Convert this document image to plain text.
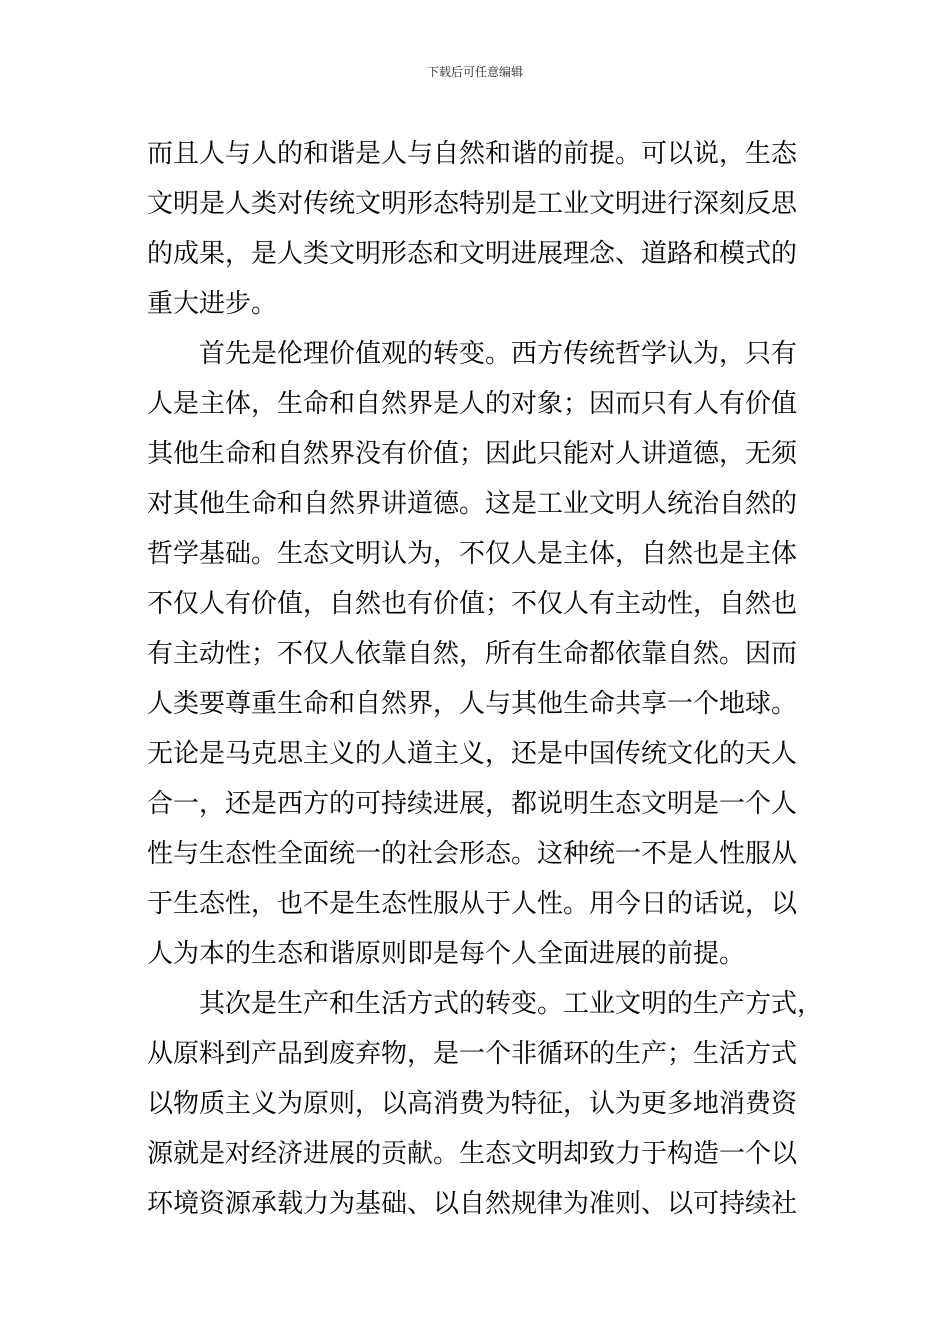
下载后可任意编辑
而且人与人的和谐是人与自然和谐的前提。可以说，生态
文明是人类对传统文明形态特别是工业文明进行深刻反思
的成果，是人类文明形态和文明进展理念、道路和模式的
重大进步。
　　首先是伦理价值观的转变。西方传统哲学认为，只有
人是主体，生命和自然界是人的对象；因而只有人有价值
其他生命和自然界没有价值；因此只能对人讲道德，无须
对其他生命和自然界讲道德。这是工业文明人统治自然的
哲学基础。生态文明认为，不仅人是主体，自然也是主体
不仅人有价值，自然也有价值；不仅人有主动性，自然也
有主动性；不仅人依靠自然，所有生命都依靠自然。因而
人类要尊重生命和自然界，人与其他生命共享一个地球。
无论是马克思主义的人道主义，还是中国传统文化的天人
合一，还是西方的可持续进展，都说明生态文明是一个人
性与生态性全面统一的社会形态。这种统一不是人性服从
于生态性，也不是生态性服从于人性。用今日的话说，以
人为本的生态和谐原则即是每个人全面进展的前提。
　　其次是生产和生活方式的转变。工业文明的生产方式，
从原料到产品到废弃物，是一个非循环的生产；生活方式
以物质主义为原则，以高消费为特征，认为更多地消费资
源就是对经济进展的贡献。生态文明却致力于构造一个以
环境资源承载力为基础、以自然规律为准则、以可持续社
